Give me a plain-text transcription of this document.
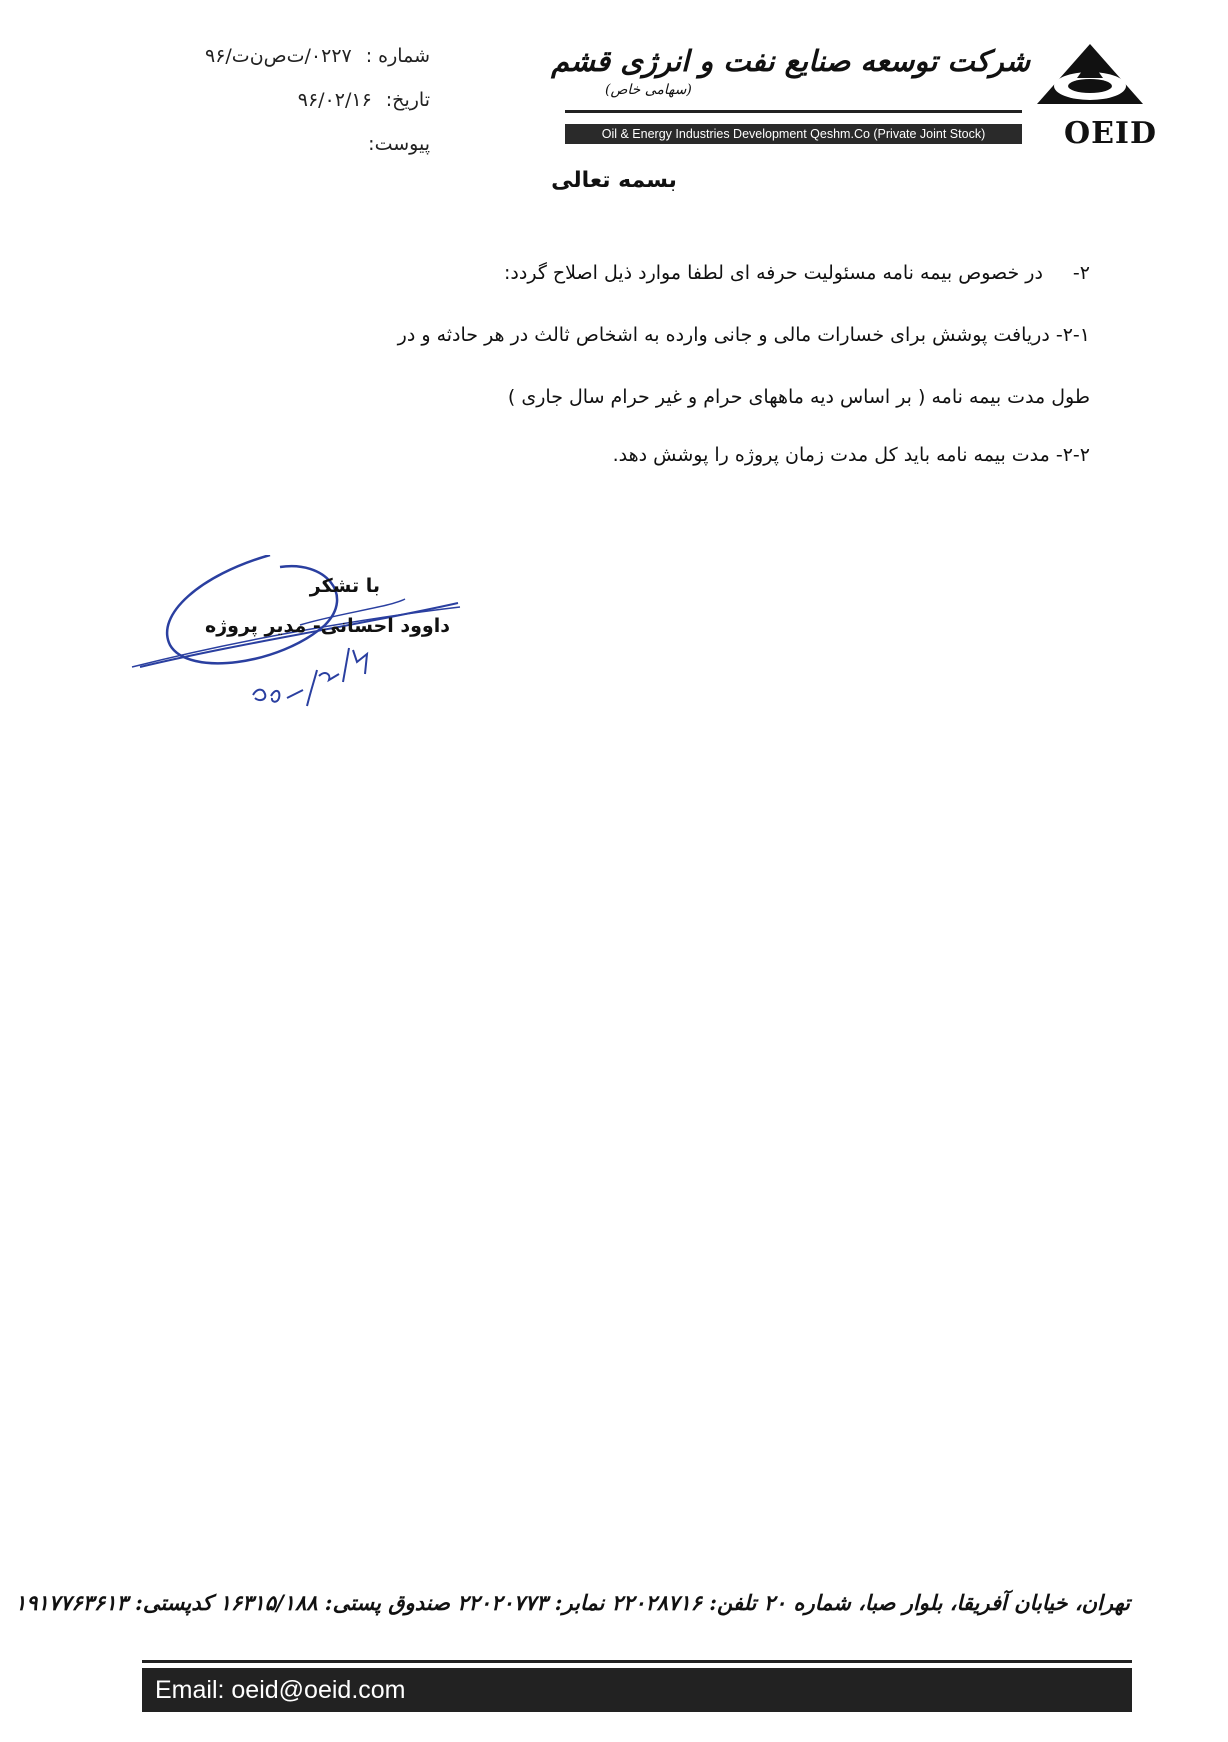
شماره :
۰۲۲۷/ت‌ص‌ن‌ت/۹۶
تاریخ:
۹۶/۰۲/۱۶
پیوست:
شرکت توسعه صنایع نفت و انرژی قشم
(سهامی خاص)
Oil & Energy Industries Development Qeshm.Co (Private Joint Stock)	OEID
بسمه تعالی
۲-در خصوص بیمه نامه مسئولیت حرفه ای لطفا موارد ذیل اصلاح گردد:
۲-۱- دریافت پوشش برای خسارات مالی و جانی وارده به اشخاص ثالث در هر حادثه و در
طول مدت بیمه نامه ( بر اساس دیه ماههای حرام و غیر حرام سال جاری )
۲-۲- مدت بیمه نامه باید کل مدت زمان پروژه را پوشش دهد.
با تشکر
داوود احسانی- مدیر پروژه
تهران، خیابان آفریقا، بلوار صبا، شماره ۲۰ تلفن: ۲۲۰۲۸۷۱۶ نمابر: ۲۲۰۲۰۷۷۳ صندوق پستی: ۱۶۳۱۵/۱۸۸ کدپستی: ۱۹۱۷۷۶۳۶۱۳
Email: oeid@oeid.com
